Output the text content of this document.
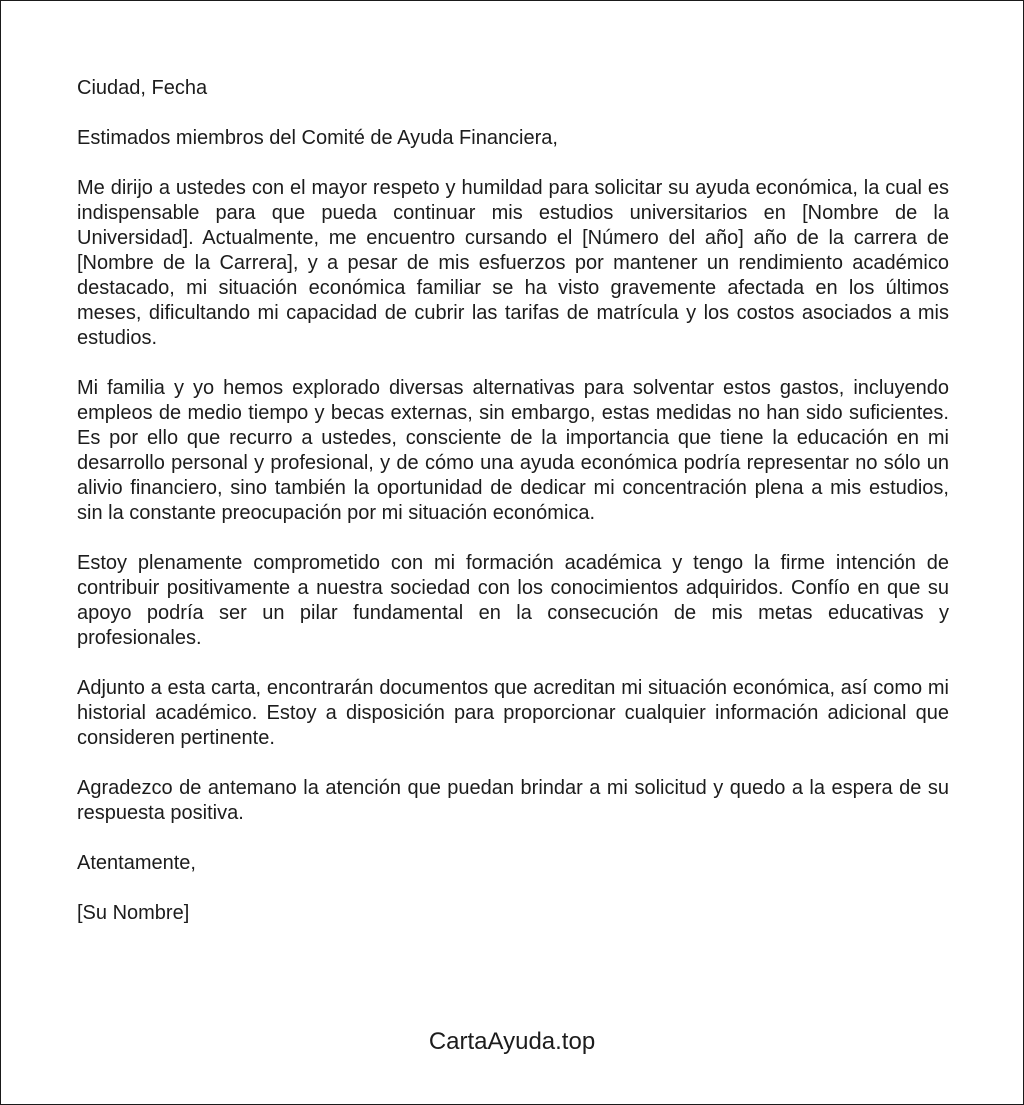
Ciudad, Fecha

Estimados miembros del Comité de Ayuda Financiera,

Me dirijo a ustedes con el mayor respeto y humildad para solicitar su ayuda económica, la cual es indispensable para que pueda continuar mis estudios universitarios en [Nombre de la Universidad]. Actualmente, me encuentro cursando el [Número del año] año de la carrera de [Nombre de la Carrera], y a pesar de mis esfuerzos por mantener un rendimiento académico destacado, mi situación económica familiar se ha visto gravemente afectada en los últimos meses, dificultando mi capacidad de cubrir las tarifas de matrícula y los costos asociados a mis estudios.

Mi familia y yo hemos explorado diversas alternativas para solventar estos gastos, incluyendo empleos de medio tiempo y becas externas, sin embargo, estas medidas no han sido suficientes. Es por ello que recurro a ustedes, consciente de la importancia que tiene la educación en mi desarrollo personal y profesional, y de cómo una ayuda económica podría representar no sólo un alivio financiero, sino también la oportunidad de dedicar mi concentración plena a mis estudios, sin la constante preocupación por mi situación económica.

Estoy plenamente comprometido con mi formación académica y tengo la firme intención de contribuir positivamente a nuestra sociedad con los conocimientos adquiridos. Confío en que su apoyo podría ser un pilar fundamental en la consecución de mis metas educativas y profesionales.

Adjunto a esta carta, encontrarán documentos que acreditan mi situación económica, así como mi historial académico. Estoy a disposición para proporcionar cualquier información adicional que consideren pertinente.

Agradezco de antemano la atención que puedan brindar a mi solicitud y quedo a la espera de su respuesta positiva.

Atentamente,

[Su Nombre]

CartaAyuda.top
